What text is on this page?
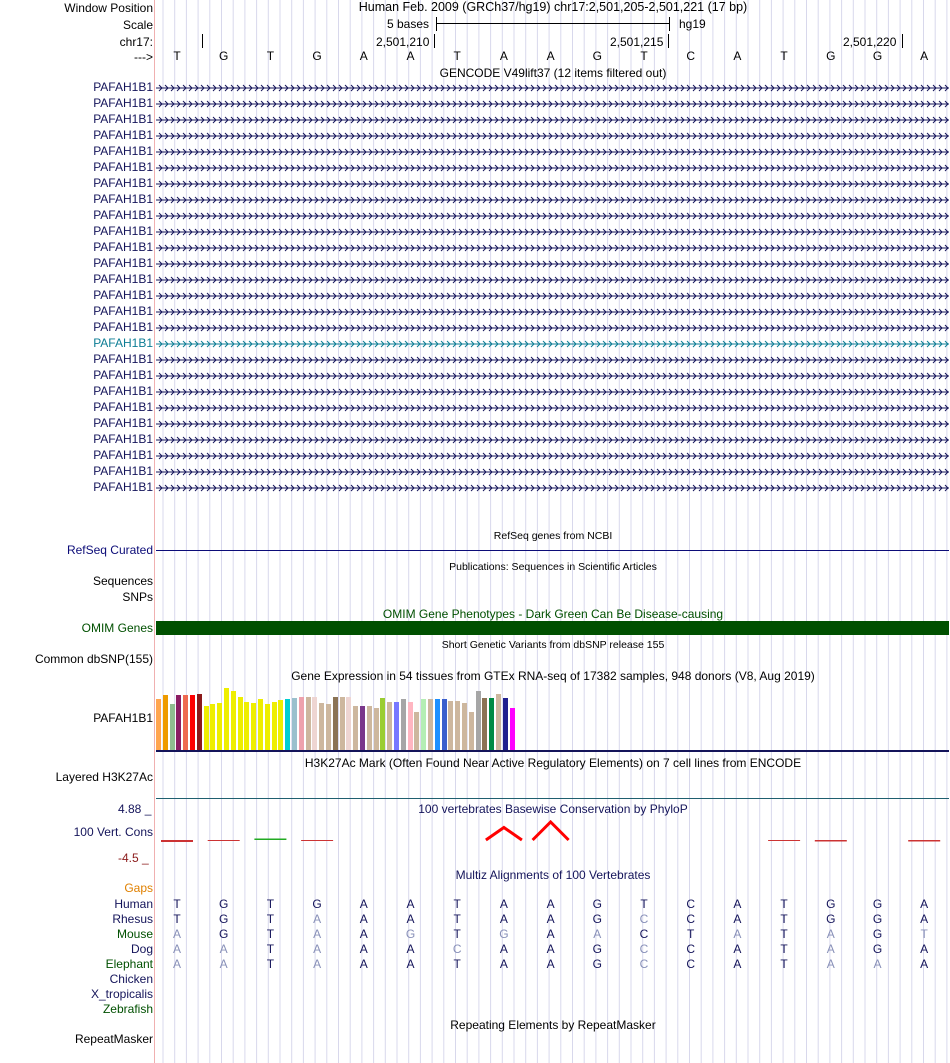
Window Position
Scale
chr17:
--->
Human Feb. 2009 (GRCh37/hg19) chr17:2,501,205-2,501,221 (17 bp)
5 bases	hg19
2,501,210	2,501,215	2,501,220
T	G	T	G	A	A	T	A	A	G	T	C	A	T	G	G	A
GENCODE V49lift37 (12 items filtered out)
PAFAH1B1
PAFAH1B1
PAFAH1B1
PAFAH1B1
PAFAH1B1
PAFAH1B1
PAFAH1B1
PAFAH1B1
PAFAH1B1
PAFAH1B1
PAFAH1B1
PAFAH1B1
PAFAH1B1
PAFAH1B1
PAFAH1B1
PAFAH1B1
PAFAH1B1
PAFAH1B1
PAFAH1B1
PAFAH1B1
PAFAH1B1
PAFAH1B1
PAFAH1B1
PAFAH1B1
PAFAH1B1
PAFAH1B1
RefSeq genes from NCBI
RefSeq Curated
Publications: Sequences in Scientific Articles
Sequences
SNPs
OMIM Gene Phenotypes - Dark Green Can Be Disease-causing
OMIM Genes
Short Genetic Variants from dbSNP release 155
Common dbSNP(155)
Gene Expression in 54 tissues from GTEx RNA-seq of 17382 samples, 948 donors (V8, Aug 2019)
PAFAH1B1
H3K27Ac Mark (Often Found Near Active Regulatory Elements) on 7 cell lines from ENCODE
Layered H3K27Ac
100 vertebrates Basewise Conservation by PhyloP
4.88 _
100 Vert. Cons
-4.5 _
Multiz Alignments of 100 Vertebrates
Gaps
Human T	G	T	G	A	A	T	A	A	G	T	C	A	T	G	G	A
Rhesus T	G	T	A	A	A	T	A	A	G	C	C	A	T	G	G	A
Mouse A	G	T	A	A	G	T	G	A	A	C	T	A	T	A	G	T
Dog A	A	T	A	A	A	C	A	A	G	C	C	A	T	A	G	A
Elephant A	A	T	A	A	A	T	A	A	G	C	C	A	T	A	A	A
Chicken
X_tropicalis
Zebrafish
Repeating Elements by RepeatMasker
RepeatMasker
